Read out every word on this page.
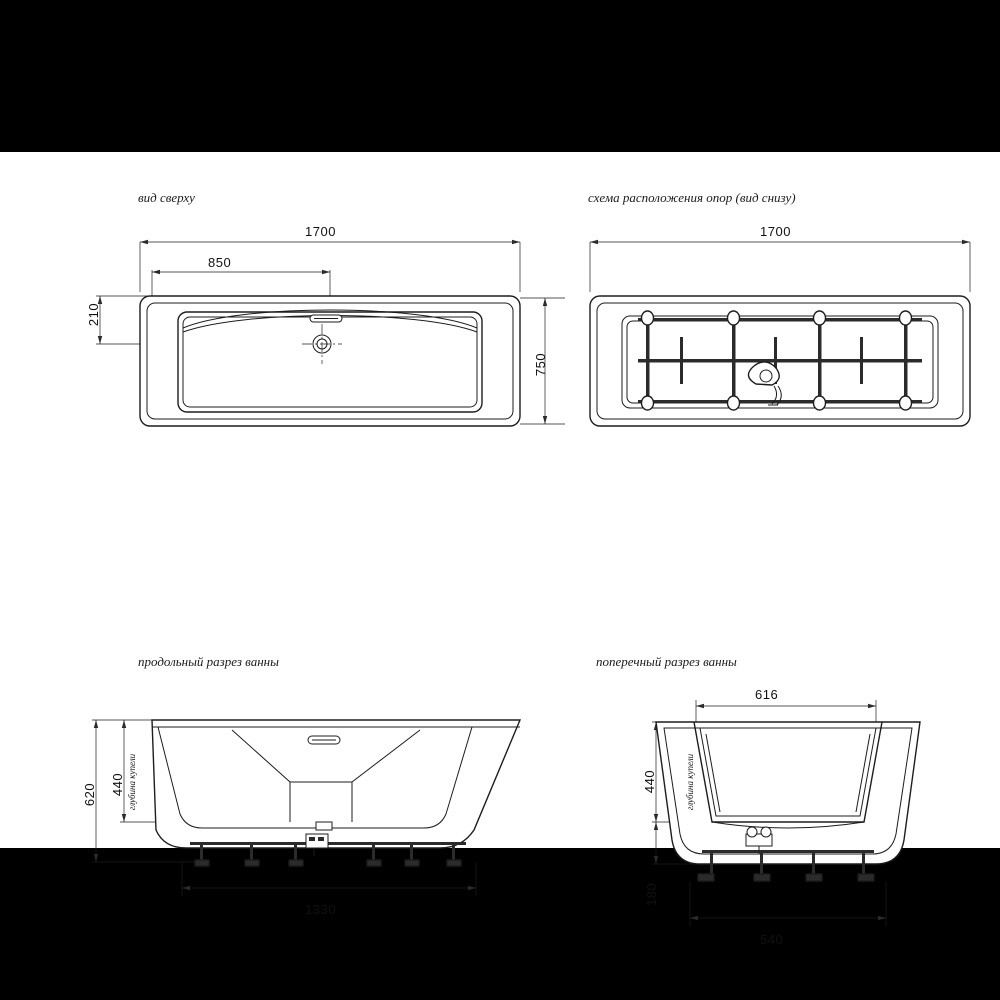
вид сверху
1700
850
210
750
схема расположения опор (вид снизу)
1700
продольный разрез ванны
620 440 глубина купели
1330
поперечный разрез ванны
616
440	глубина купели
180
540
